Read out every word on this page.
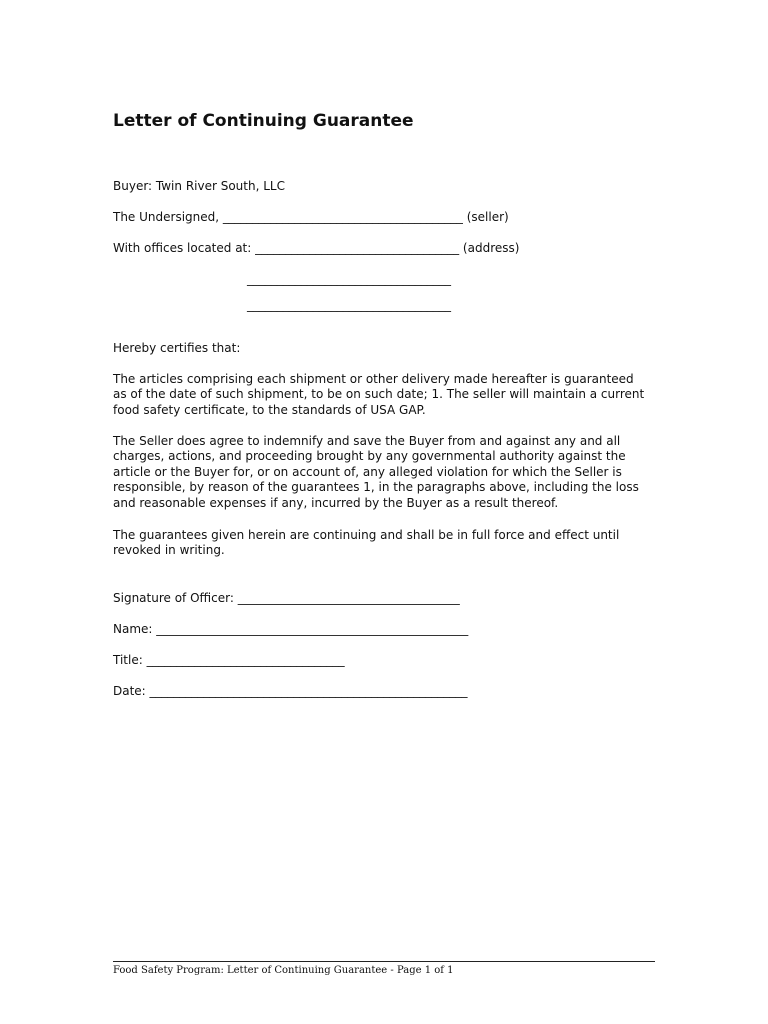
Letter of Continuing Guarantee
Buyer: Twin River South, LLC
The Undersigned, ________________________________________ (seller)
With offices located at: __________________________________ (address)
__________________________________
__________________________________
Hereby certifies that:
The articles comprising each shipment or other delivery made hereafter is guaranteed as of the date of such shipment, to be on such date; 1. The seller will maintain a current food safety certificate, to the standards of USA GAP.
The Seller does agree to indemnify and save the Buyer from and against any and all charges, actions, and proceeding brought by any governmental authority against the article or the Buyer for, or on account of, any alleged violation for which the Seller is responsible, by reason of the guarantees 1, in the paragraphs above, including the loss and reasonable expenses if any, incurred by the Buyer as a result thereof.
The guarantees given herein are continuing and shall be in full force and effect until revoked in writing.
Signature of Officer: _____________________________________
Name: ____________________________________________________
Title: _________________________________
Date: _____________________________________________________
Food Safety Program: Letter of Continuing Guarantee - Page 1 of 1
